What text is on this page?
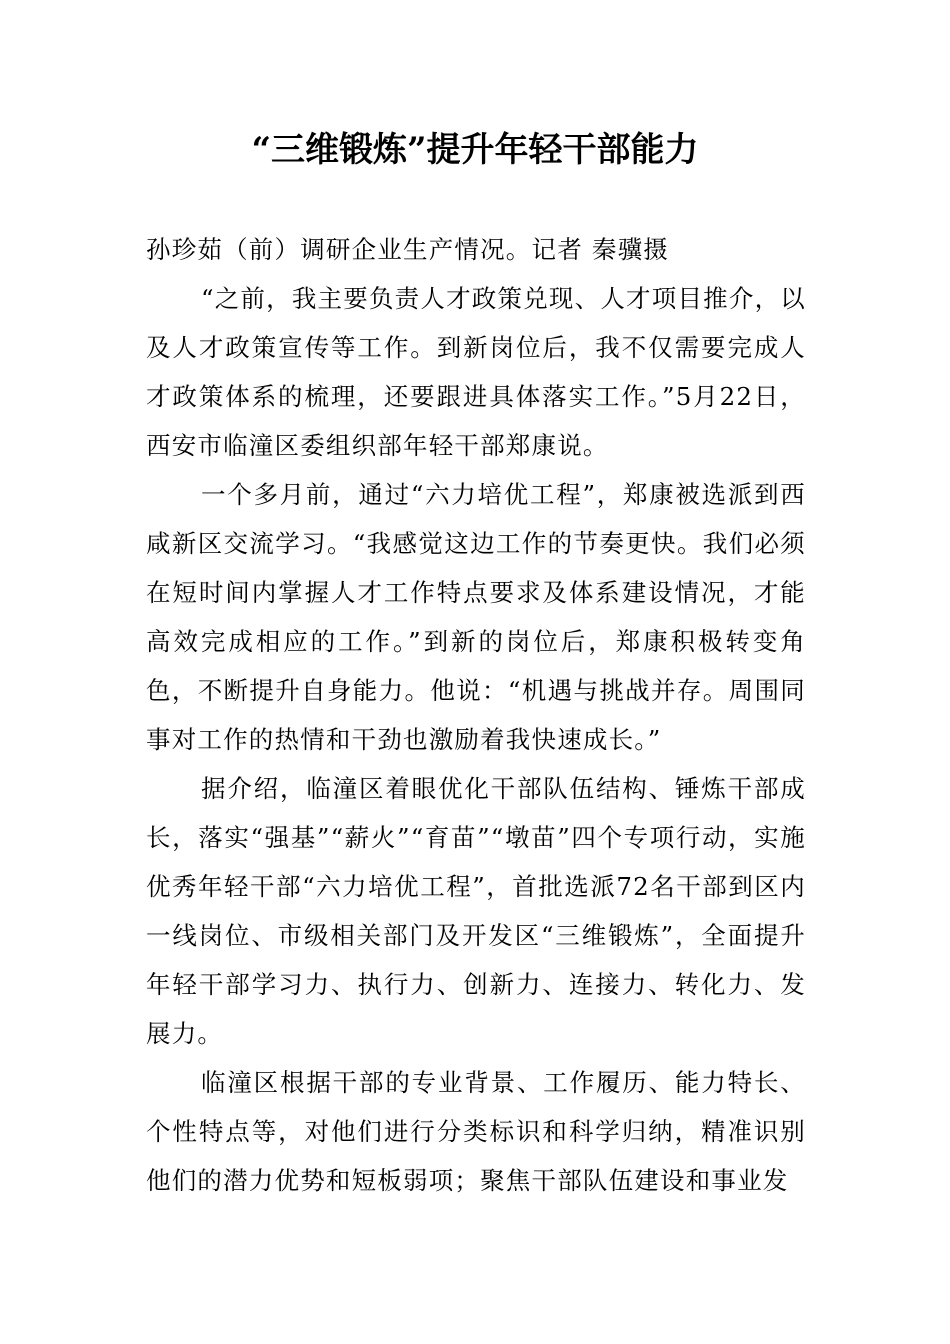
“三维锻炼”提升年轻干部能力

孙珍茹（前）调研企业生产情况。记者 秦骥摄

“之前，我主要负责人才政策兑现、人才项目推介，以及人才政策宣传等工作。到新岗位后，我不仅需要完成人才政策体系的梳理，还要跟进具体落实工作。”5月22日，西安市临潼区委组织部年轻干部郑康说。

一个多月前，通过“六力培优工程”，郑康被选派到西咸新区交流学习。“我感觉这边工作的节奏更快。我们必须在短时间内掌握人才工作特点要求及体系建设情况，才能高效完成相应的工作。”到新的岗位后，郑康积极转变角色，不断提升自身能力。他说：“机遇与挑战并存。周围同事对工作的热情和干劲也激励着我快速成长。”

据介绍，临潼区着眼优化干部队伍结构、锤炼干部成长，落实“强基”“薪火”“育苗”“墩苗”四个专项行动，实施优秀年轻干部“六力培优工程”，首批选派72名干部到区内一线岗位、市级相关部门及开发区“三维锻炼”，全面提升年轻干部学习力、执行力、创新力、连接力、转化力、发展力。

临潼区根据干部的专业背景、工作履历、能力特长、个性特点等，对他们进行分类标识和科学归纳，精准识别他们的潜力优势和短板弱项；聚焦干部队伍建设和事业发
